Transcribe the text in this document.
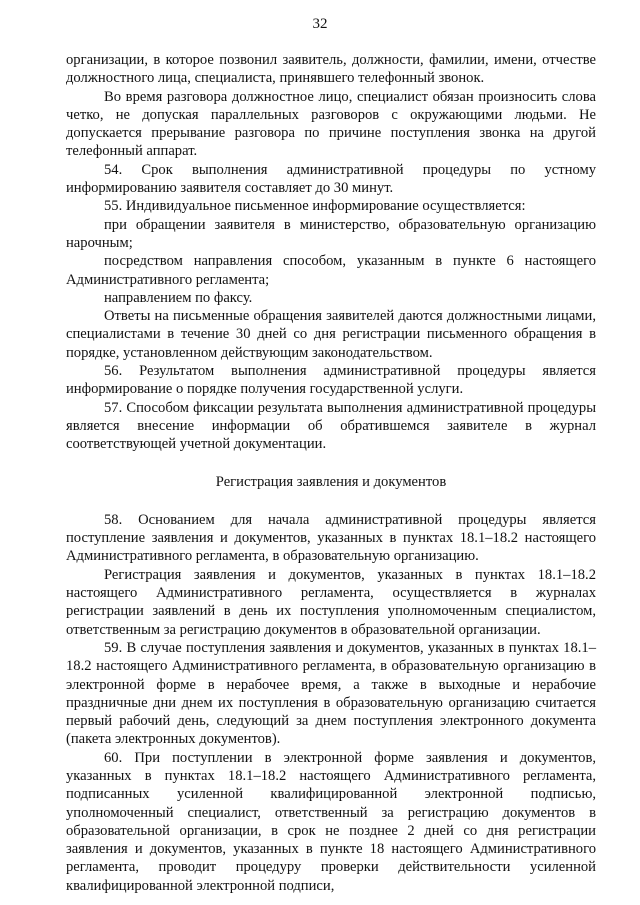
32

организации, в которое позвонил заявитель, должности, фамилии, имени, отчестве должностного лица, специалиста, принявшего телефонный звонок.

Во время разговора должностное лицо, специалист обязан произносить слова четко, не допуская параллельных разговоров с окружающими людьми. Не допускается прерывание разговора по причине поступления звонка на другой телефонный аппарат.

54. Срок выполнения административной процедуры по устному информированию заявителя составляет до 30 минут.

55. Индивидуальное письменное информирование осуществляется:

при обращении заявителя в министерство, образовательную организацию нарочным;

посредством направления способом, указанным в пункте 6 настоящего Административного регламента;

направлением по факсу.

Ответы на письменные обращения заявителей даются должностными лицами, специалистами в течение 30 дней со дня регистрации письменного обращения в порядке, установленном действующим законодательством.

56. Результатом выполнения административной процедуры является информирование о порядке получения государственной услуги.

57. Способом фиксации результата выполнения административной процедуры является внесение информации об обратившемся заявителе в журнал соответствующей учетной документации.

Регистрация заявления и документов

58. Основанием для начала административной процедуры является поступление заявления и документов, указанных в пунктах 18.1–18.2 настоящего Административного регламента, в образовательную организацию.

Регистрация заявления и документов, указанных в пунктах 18.1–18.2 настоящего Административного регламента, осуществляется в журналах регистрации заявлений в день их поступления уполномоченным специалистом, ответственным за регистрацию документов в образовательной организации.

59. В случае поступления заявления и документов, указанных в пунктах 18.1–18.2 настоящего Административного регламента, в образовательную организацию в электронной форме в нерабочее время, а также в выходные и нерабочие праздничные дни днем их поступления в образовательную организацию считается первый рабочий день, следующий за днем поступления электронного документа (пакета электронных документов).

60. При поступлении в электронной форме заявления и документов, указанных в пунктах 18.1–18.2 настоящего Административного регламента, подписанных усиленной квалифицированной электронной подписью, уполномоченный специалист, ответственный за регистрацию документов в образовательной организации, в срок не позднее 2 дней со дня регистрации заявления и документов, указанных в пункте 18 настоящего Административного регламента, проводит процедуру проверки действительности усиленной квалифицированной электронной подписи,
